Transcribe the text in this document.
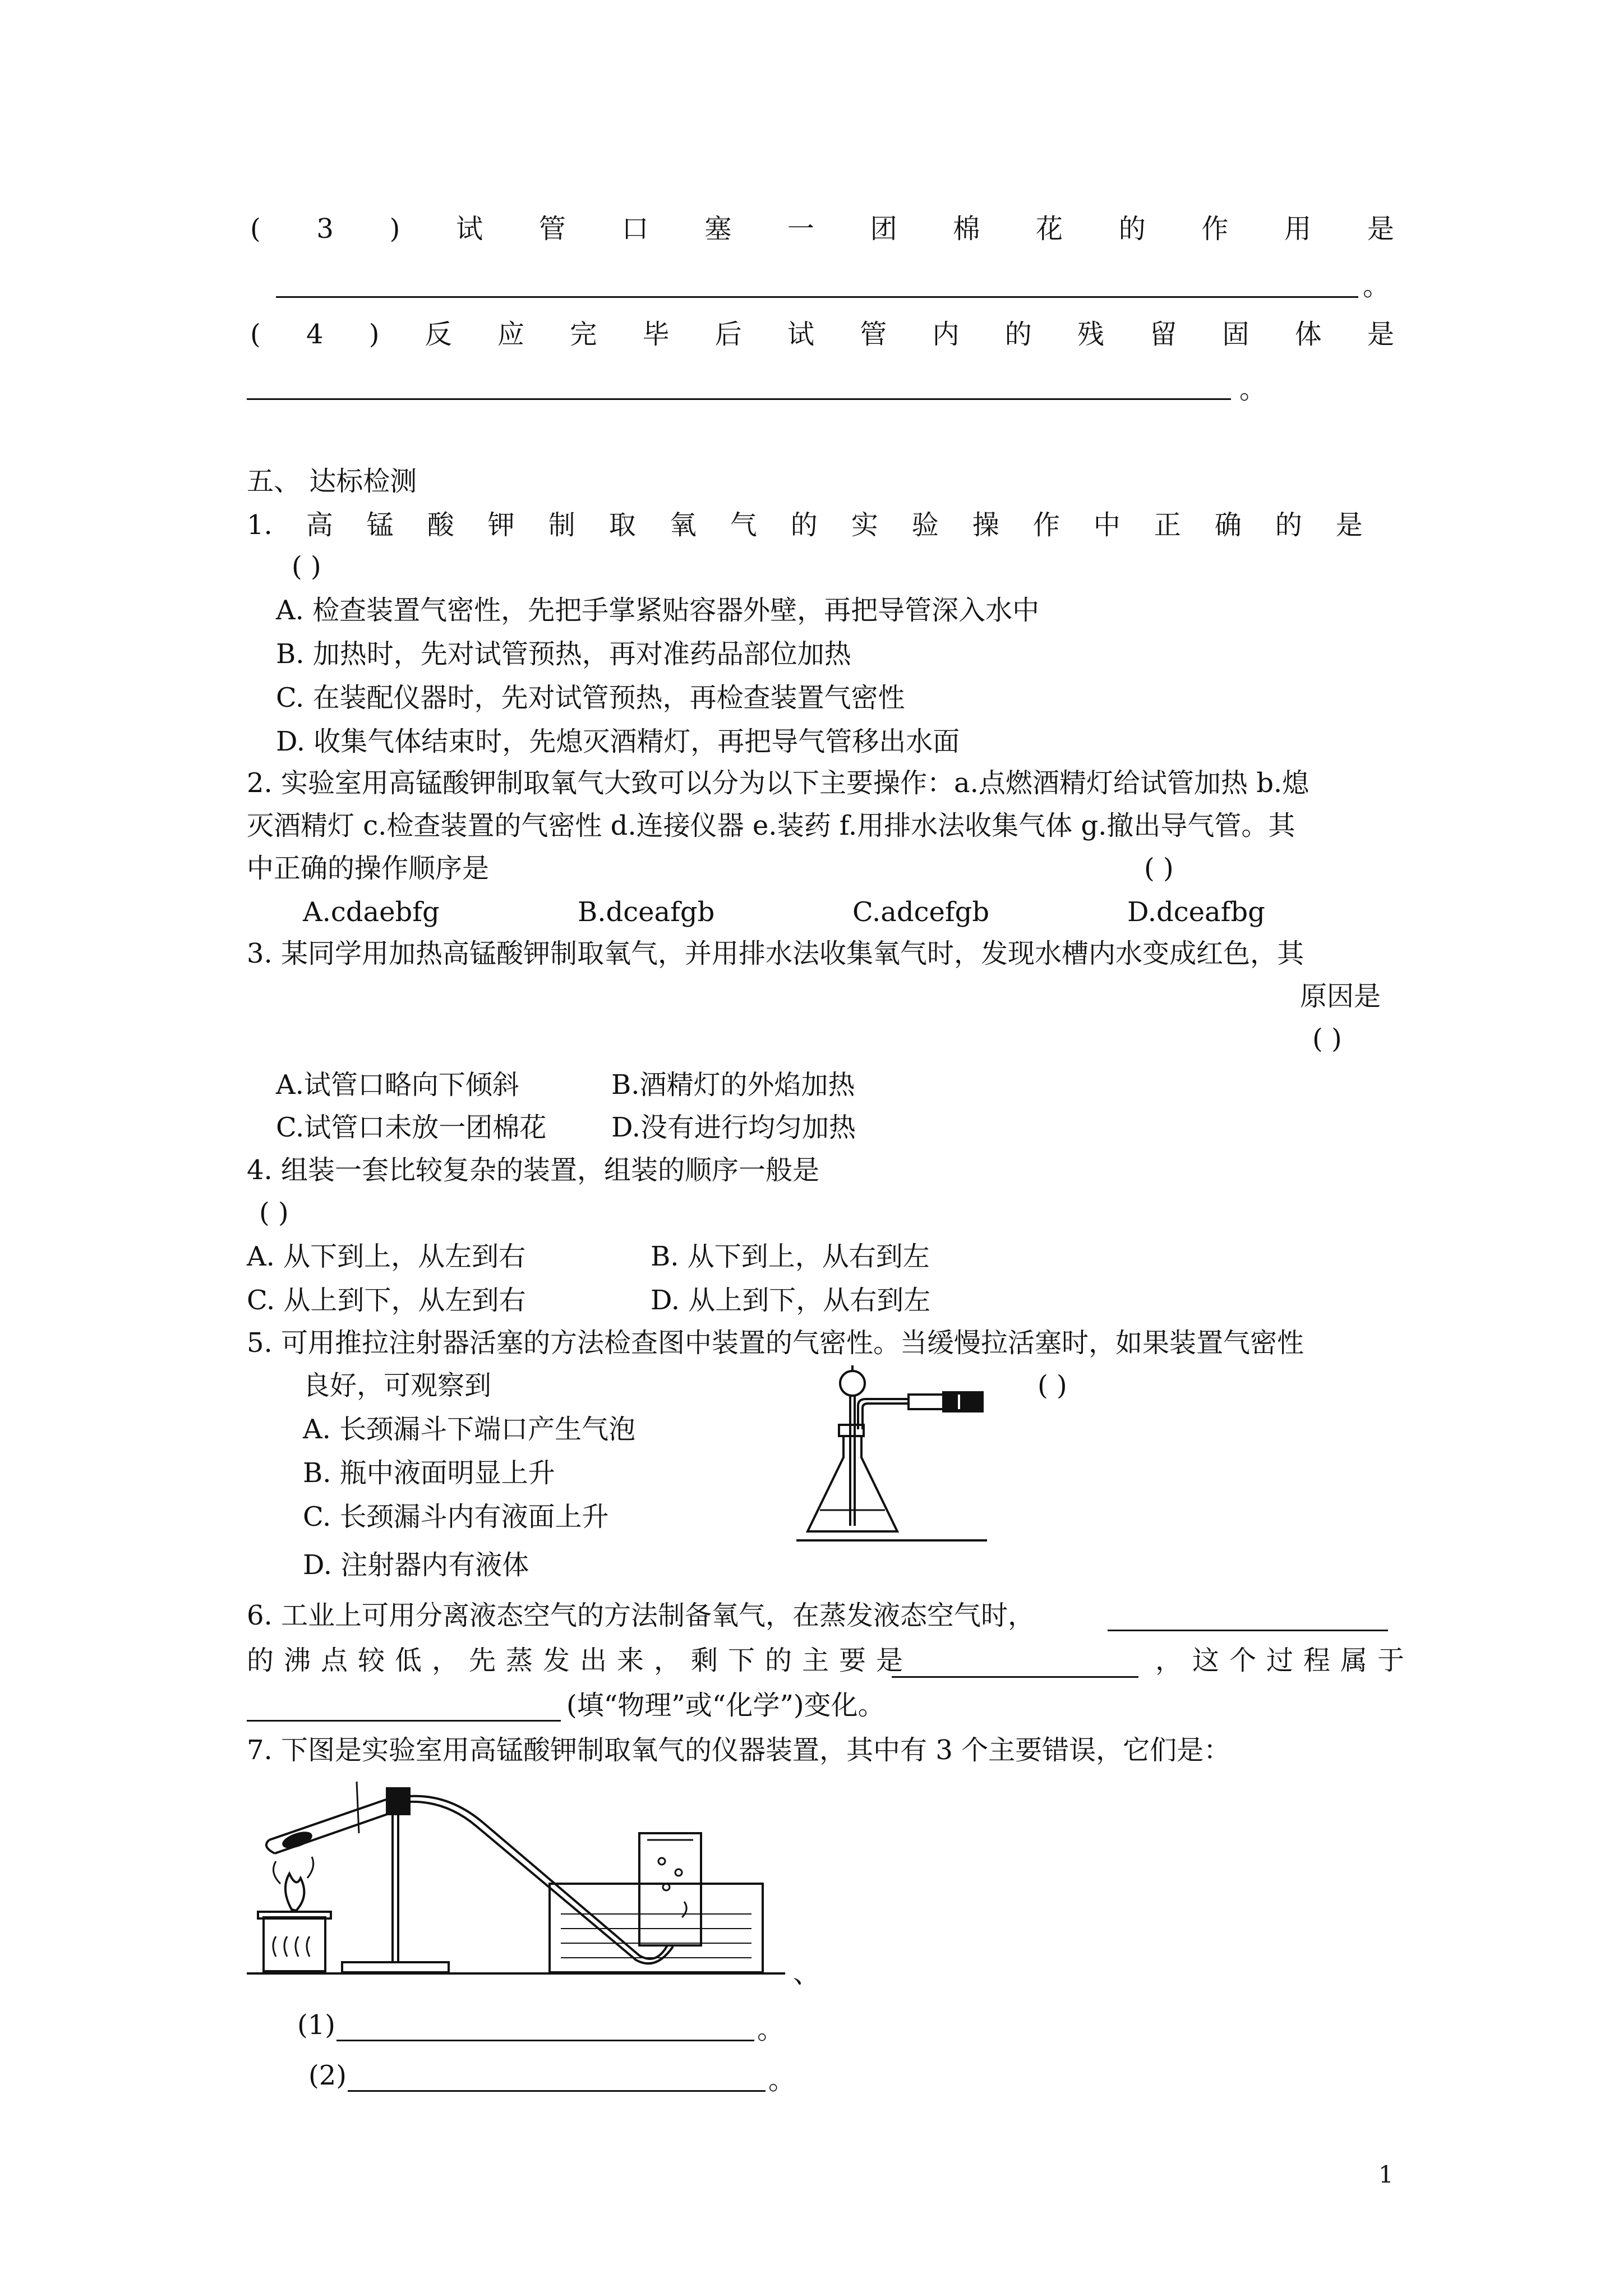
( 3 ) 试 管 口 塞 一 团 棉 花 的 作 用 是
。
( 4 ) 反 应 完 毕 后 试 管 内 的 残 留 固 体 是
。
五、 达标检测
1. 高 锰 酸 钾 制 取 氧 气 的 实 验 操 作 中 正 确 的 是
( )
A. 检查装置气密性，先把手掌紧贴容器外壁，再把导管深入水中
B. 加热时，先对试管预热，再对准药品部位加热
C. 在装配仪器时，先对试管预热，再检查装置气密性
D. 收集气体结束时，先熄灭酒精灯，再把导气管移出水面
2. 实验室用高锰酸钾制取氧气大致可以分为以下主要操作：a.点燃酒精灯给试管加热 b.熄
灭酒精灯 c.检查装置的气密性 d.连接仪器 e.装药 f.用排水法收集气体 g.撤出导气管。其
中正确的操作顺序是	( )
A.cdaebfg	B.dceafgb	C.adcefgb	D.dceafbg
3. 某同学用加热高锰酸钾制取氧气，并用排水法收集氧气时，发现水槽内水变成红色，其
原因是
( )
A.试管口略向下倾斜	B.酒精灯的外焰加热
C.试管口未放一团棉花 D.没有进行均匀加热
4. 组装一套比较复杂的装置，组装的顺序一般是
( )
A. 从下到上，从左到右	B. 从下到上，从右到左
C. 从上到下，从左到右	D. 从上到下，从右到左
5. 可用推拉注射器活塞的方法检查图中装置的气密性。当缓慢拉活塞时，如果装置气密性
良好，可观察到	( )
A. 长颈漏斗下端口产生气泡
B. 瓶中液面明显上升
C. 长颈漏斗内有液面上升
D. 注射器内有液体
6. 工业上可用分离液态空气的方法制备氧气，在蒸发液态空气时，
的沸点较低，先蒸发出来，剩下的主要是	，这个过程属于
(填“物理”或“化学”)变化。
7. 下图是实验室用高锰酸钾制取氧气的仪器装置，其中有 3 个主要错误，它们是：
、
(1)	。
(2)	。
1
